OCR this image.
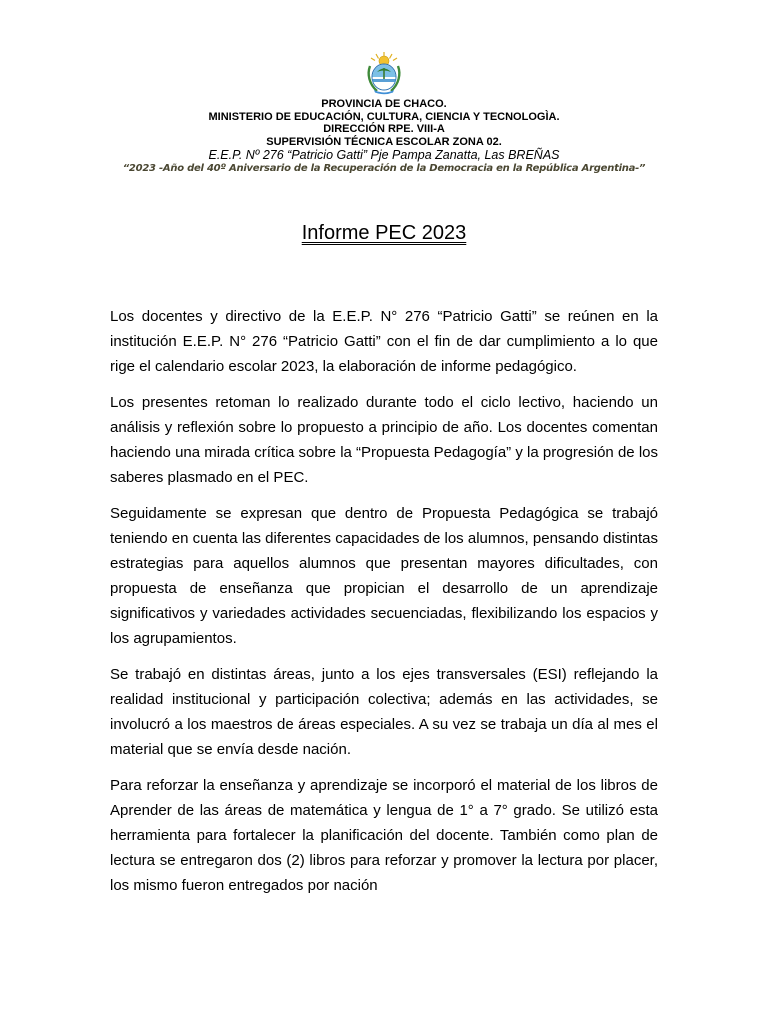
PROVINCIA DE CHACO.
MINISTERIO DE EDUCACIÓN, CULTURA, CIENCIA Y TECNOLOGÌA.
DIRECCIÓN RPE. VIII-A
SUPERVISIÓN TÉCNICA ESCOLAR ZONA 02.
E.E.P. Nº 276 “Patricio Gatti” Pje Pampa Zanatta, Las BREÑAS
“2023 -Año del 40º Aniversario de la Recuperación de la Democracia en la República Argentina-”
Informe PEC 2023

Los docentes y directivo de la E.E.P. N° 276 “Patricio Gatti” se reúnen en la institución E.E.P. N° 276 “Patricio Gatti” con el fin de dar cumplimiento a lo que rige el calendario escolar 2023, la elaboración de informe pedagógico.

Los presentes retoman lo realizado durante todo el ciclo lectivo, haciendo un análisis y reflexión sobre lo propuesto a principio de año. Los docentes comentan haciendo una mirada crítica sobre la “Propuesta Pedagogía” y la progresión de los saberes plasmado en el PEC.

Seguidamente se expresan que dentro de Propuesta Pedagógica se trabajó teniendo en cuenta las diferentes capacidades de los alumnos, pensando distintas estrategias para aquellos alumnos que presentan mayores dificultades, con propuesta de enseñanza que propician el desarrollo de un aprendizaje significativos y variedades actividades secuenciadas, flexibilizando los espacios y los agrupamientos.

Se trabajó en distintas áreas, junto a los ejes transversales (ESI) reflejando la realidad institucional y participación colectiva; además en las actividades, se involucró a los maestros de áreas especiales. A su vez se trabaja un día al mes el material que se envía desde nación.

Para reforzar la enseñanza y aprendizaje se incorporó el material de los libros de Aprender de las áreas de matemática y lengua de 1° a 7° grado. Se utilizó esta herramienta para fortalecer la planificación del docente. También como plan de lectura se entregaron dos (2) libros para reforzar y promover la lectura por placer, los mismo fueron entregados por nación
